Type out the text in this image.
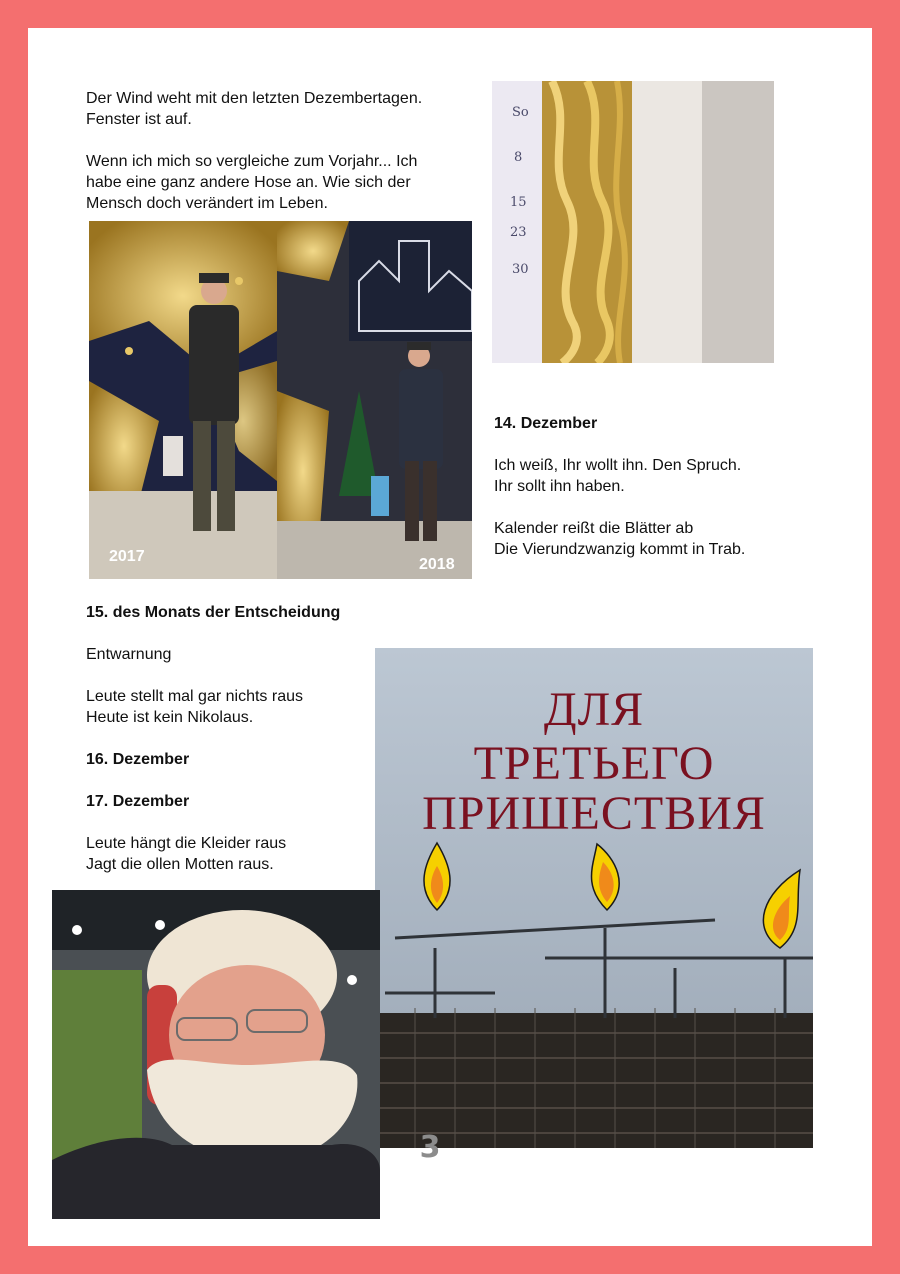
Der Wind weht mit den letzten Dezembertagen.

Fenster ist auf.

Wenn ich mich so vergleiche zum Vorjahr... Ich

habe eine ganz andere Hose an. Wie sich der

Mensch doch verändert im Leben.

2017	2018
So
8
15
23
30

14. Dezember

Ich weiß, Ihr wollt ihn. Den Spruch.

Ihr sollt ihn haben.

Kalender reißt die Blätter ab

Die Vierundzwanzig kommt in Trab.

15. des Monats der Entscheidung

Entwarnung

Leute stellt mal gar nichts raus

Heute ist kein Nikolaus.

16. Dezember

17. Dezember

Leute hängt die Kleider raus

Jagt die ollen Motten raus.

ДЛЯ
ТРЕТЬЕГО
ПРИШЕСТВИЯ
3
